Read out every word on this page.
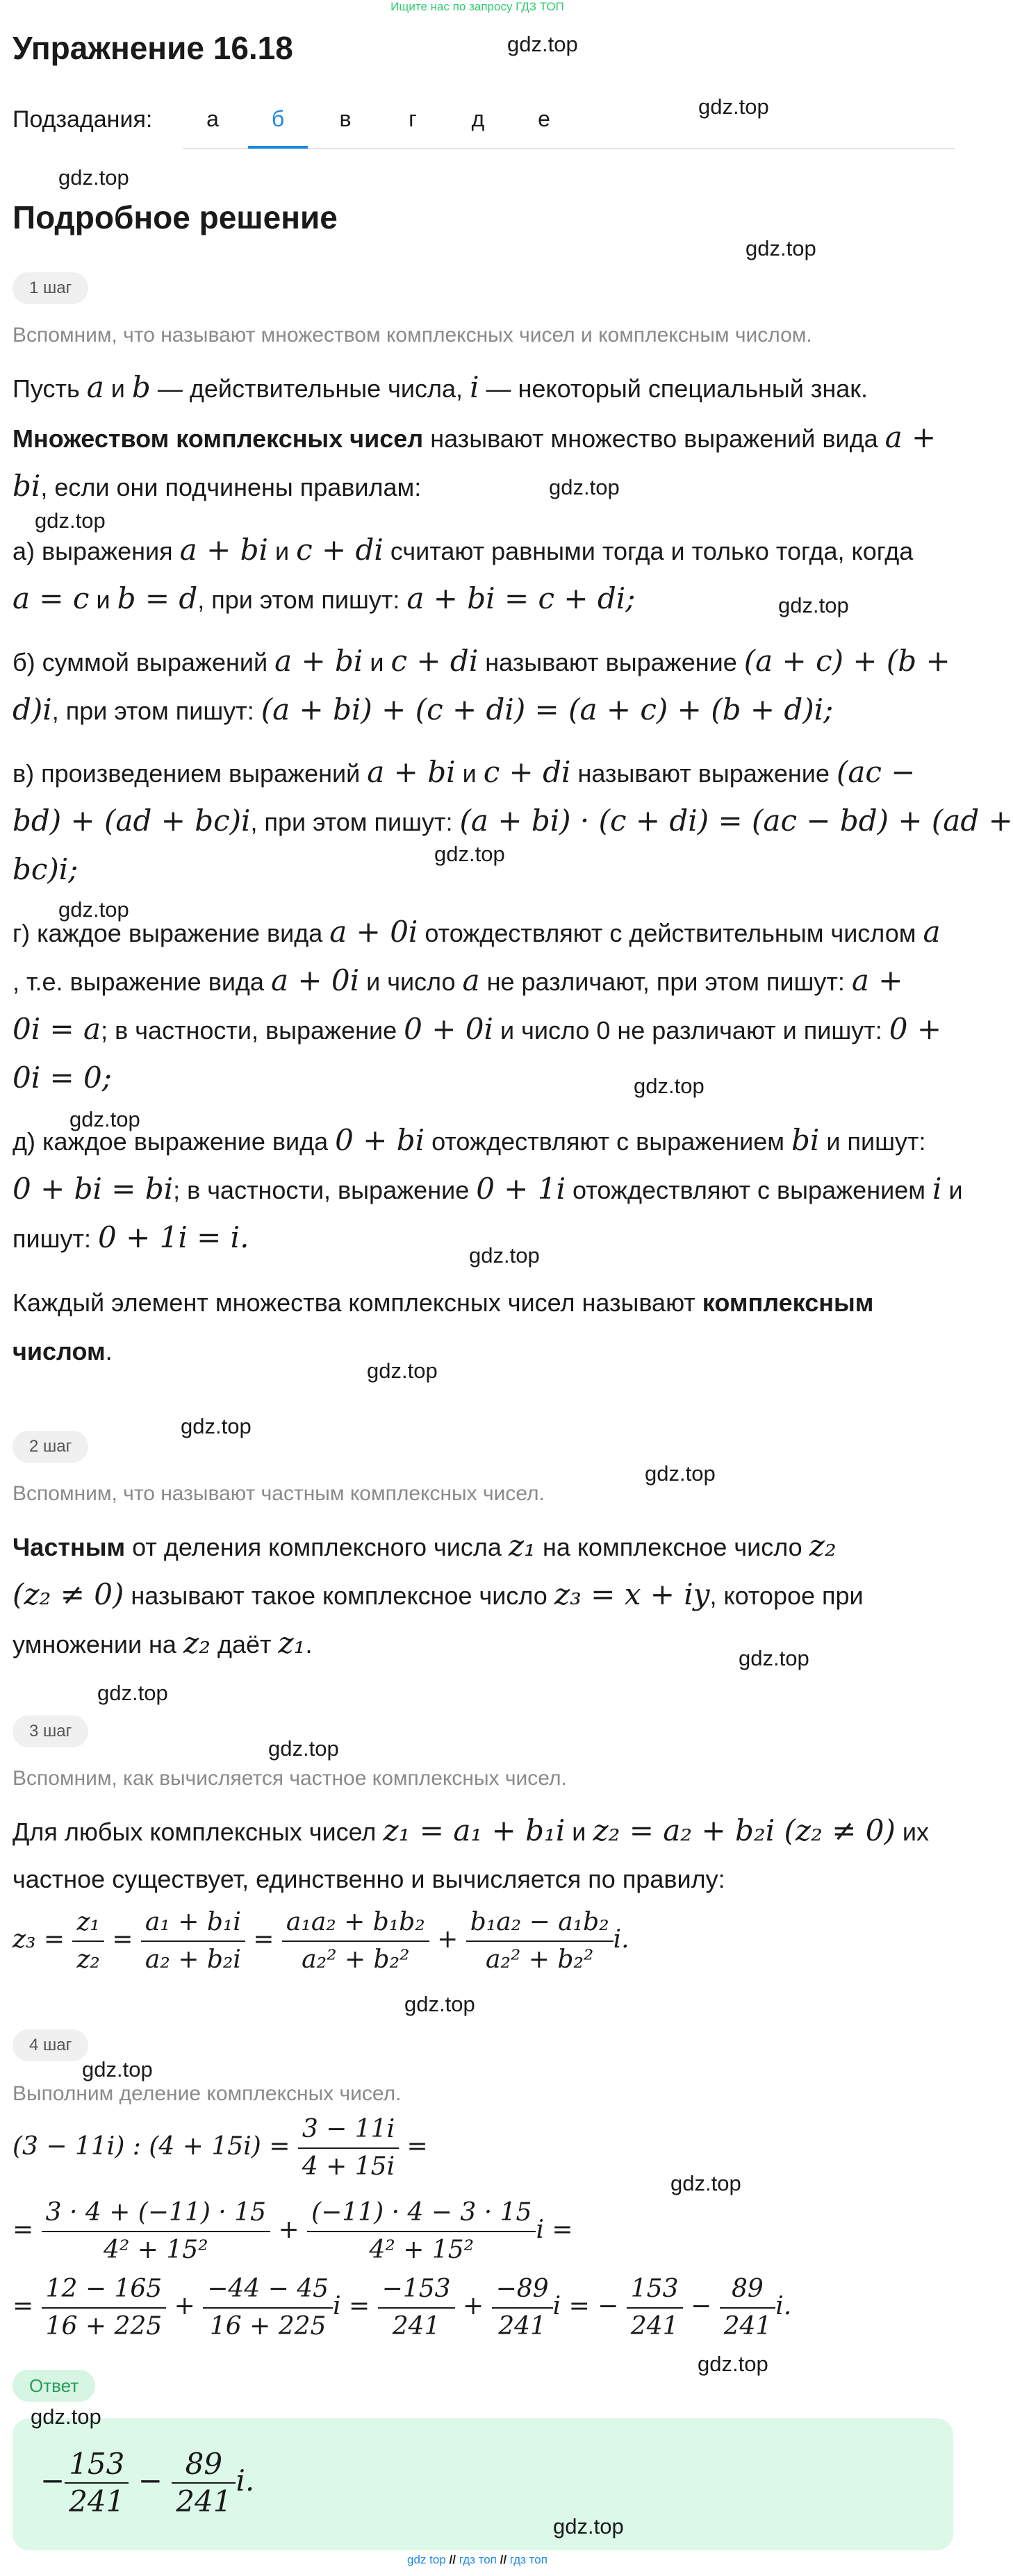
Ищите нас по запросу ГДЗ ТОП
Упражнение 16.18
Подзадания:	а	б	в	г	д	е
Подробное решение
1 шаг
Вспомним, что называют множеством комплексных чисел и комплексным числом.
Пусть a и b — действительные числа, i — некоторый специальный знак.
Множеством комплексных чисел называют множество выражений вида a +
bi, если они подчинены правилам:
а) выражения a + bi и c + di считают равными тогда и только тогда, когда
a = c и b = d, при этом пишут: a + bi = c + di;
б) суммой выражений a + bi и c + di называют выражение (a + c) + (b +
d)i, при этом пишут: (a + bi) + (c + di) = (a + c) + (b + d)i;
в) произведением выражений a + bi и c + di называют выражение (ac −
bd) + (ad + bc)i, при этом пишут: (a + bi) · (c + di) = (ac − bd) + (ad +
bc)i;
г) каждое выражение вида a + 0i отождествляют с действительным числом a
, т.е. выражение вида a + 0i и число a не различают, при этом пишут: a +
0i = a; в частности, выражение 0 + 0i и число 0 не различают и пишут: 0 +
0i = 0;
д) каждое выражение вида 0 + bi отождествляют с выражением bi и пишут:
0 + bi = bi; в частности, выражение 0 + 1i отождествляют с выражением i и
пишут: 0 + 1i = i.
Каждый элемент множества комплексных чисел называют комплексным
числом.
2 шаг
Вспомним, что называют частным комплексных чисел.
Частным от деления комплексного числа z₁ на комплексное число z₂
(z₂ ≠ 0) называют такое комплексное число z₃ = x + iy, которое при
умножении на z₂ даёт z₁.
3 шаг
Вспомним, как вычисляется частное комплексных чисел.
Для любых комплексных чисел z₁ = a₁ + b₁i и z₂ = a₂ + b₂i (z₂ ≠ 0) их
частное существует, единственно и вычисляется по правилу:
$z_3 = \frac{\text{z₁}}{\text{z₂}} = \frac{\text{a₁ + b₁i}}{\text{a₂ + b₂i}} = \frac{\text{a₁a₂ + b₁b₂}}{\text{a₂² + b₂²}} + \frac{\text{b₁a₂ − a₁b₂}}{\text{a₂² + b₂²}} i$.
4 шаг
Выполним деление комплексных чисел.
(3 − 11i) : $(4 + 15i) = \frac{3 - 11i}{4 + 15i}$ =
= $\frac{3 \cdot 4 + (-11) \cdot 15}{\text{4² + 15²}} + \frac{(-11) \cdot 4 - 3 \cdot 15}{\text{4² + 15²}}$ i =
= $\frac{12 - 165}{16 + 225} + \frac{-44 - 45}{16 + 225}$ $i = \frac{-153}{241} + \frac{-89}{241}$ i = − $\frac{153}{241} - \frac{89}{241} i$.
Ответ
− $\frac{153}{241} - \frac{89}{241} i$.
gdz.top
gdz.top
gdz.top
gdz.top
gdz.top
gdz.top
gdz.top
gdz.top
gdz.top
gdz.top
gdz.top
gdz.top
gdz.top
gdz.top
gdz.top
gdz.top
gdz.top
gdz.top
gdz.top
gdz.top
gdz.top
gdz.top
gdz.top
gdz.top
gdz top // гдз топ // гдз топ
